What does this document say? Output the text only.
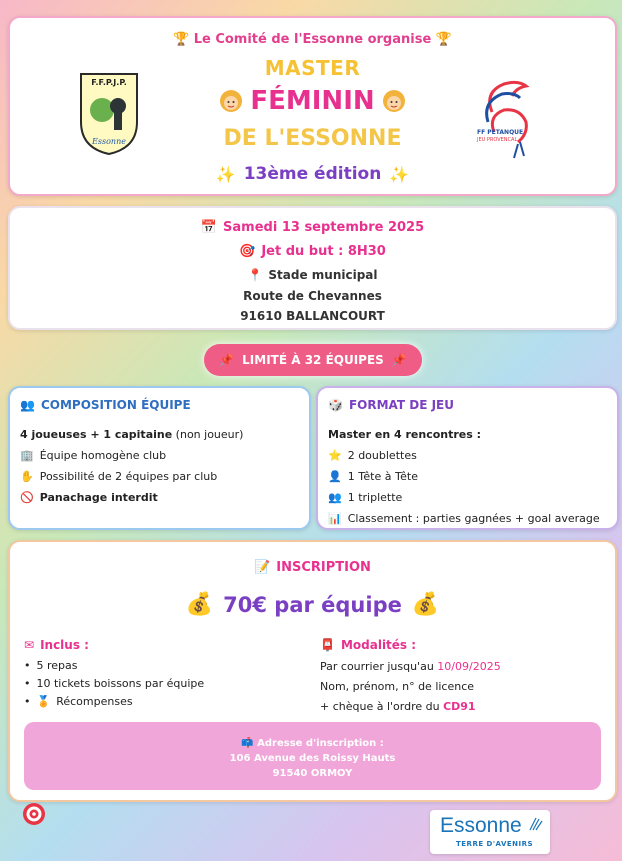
🏆 Le Comité de l'Essonne organise 🏆
MASTER
FÉMININ
DE L'ESSONNE
✨ 13ème édition ✨
F.F.P.J.P.
Essonne
FF PETANQUE
JEU PROVENCAL
📅 Samedi 13 septembre 2025
🎯 Jet du but : 8H30
📍 Stade municipal
Route de Chevannes
91610 BALLANCOURT
📌 LIMITÉ À 32 ÉQUIPES 📌
👥 COMPOSITION ÉQUIPE
4 joueuses + 1 capitaine (non joueur)
🏢 Équipe homogène club
✋ Possibilité de 2 équipes par club
🚫 Panachage interdit
🎲 FORMAT DE JEU
Master en 4 rencontres :
⭐ 2 doublettes
👤 1 Tête à Tête
👥 1 triplette
📊 Classement : parties gagnées + goal average
📝 INSCRIPTION
💰 70€ par équipe 💰
✉ Inclus :
• 5 repas
• 10 tickets boissons par équipe
• 🏅 Récompenses
📮 Modalités :
Par courrier jusqu'au 10/09/2025
Nom, prénom, n° de licence
+ chèque à l'ordre du CD91
📫 Adresse d'inscription :
106 Avenue des Roissy Hauts
91540 ORMOY
Essonne
TERRE D'AVENIRS
